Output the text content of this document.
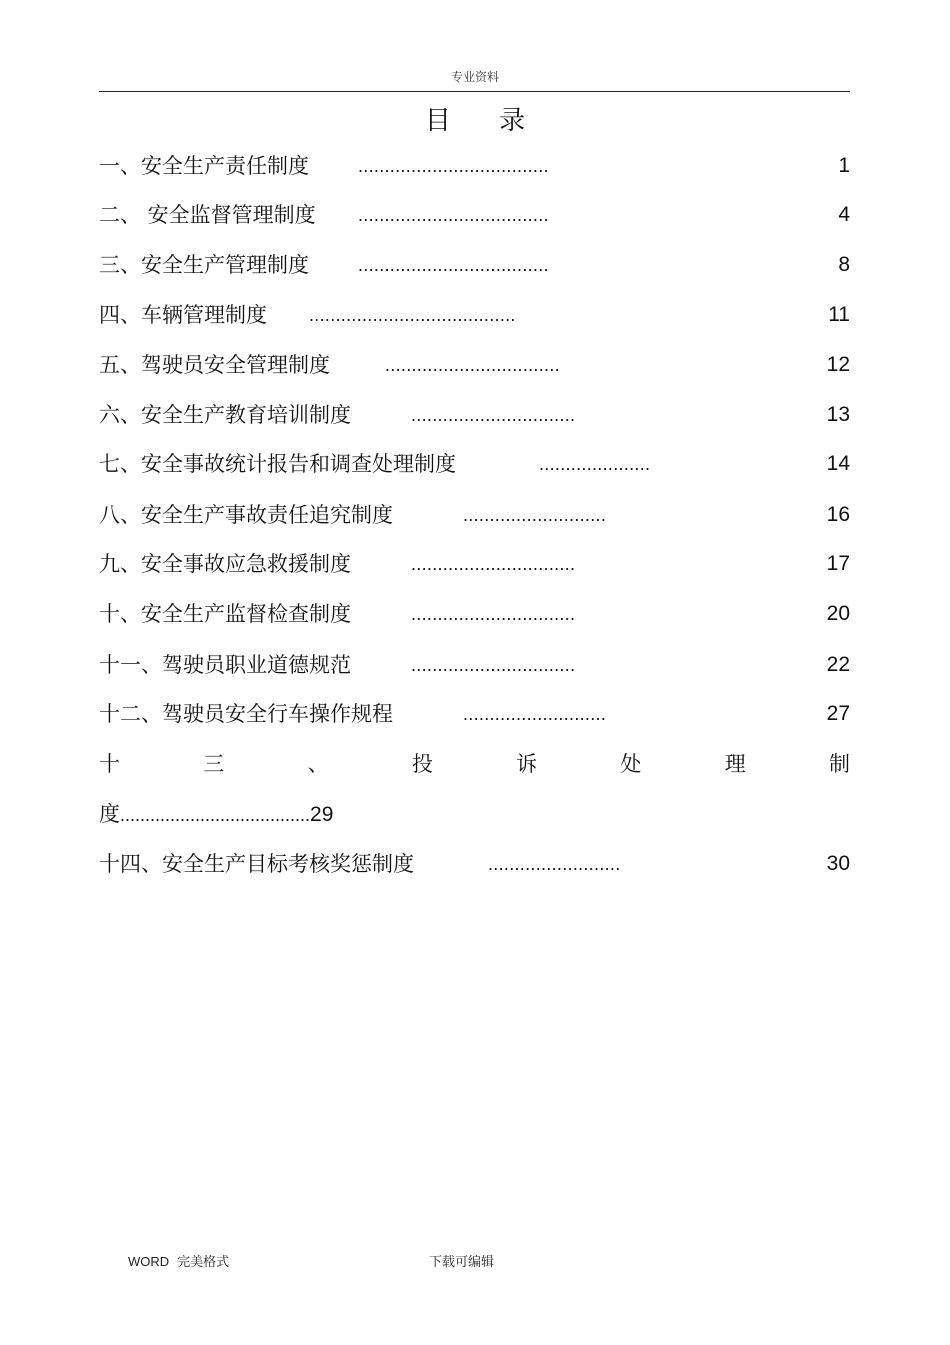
专业资料
目 录
一、安全生产责任制度	....................................	1
二、 安全监督管理制度 ....................................	4
三、安全生产管理制度	....................................	8
四、车辆管理制度 .......................................	11
五、驾驶员安全管理制度	.................................	12
六、安全生产教育培训制度	...............................	13
七、安全事故统计报告和调查处理制度	.....................	14
八、安全生产事故责任追究制度	...........................	16
九、安全事故应急救援制度	...............................	17
十、安全生产监督检查制度	...............................	20
十一、驾驶员职业道德规范	...............................	22
十二、驾驶员安全行车操作规程	...........................	27
十	三	、	投	诉	处	理	制
度......................................29
十四、安全生产目标考核奖惩制度	.........................	30
WORD 完美格式	下载可编辑
